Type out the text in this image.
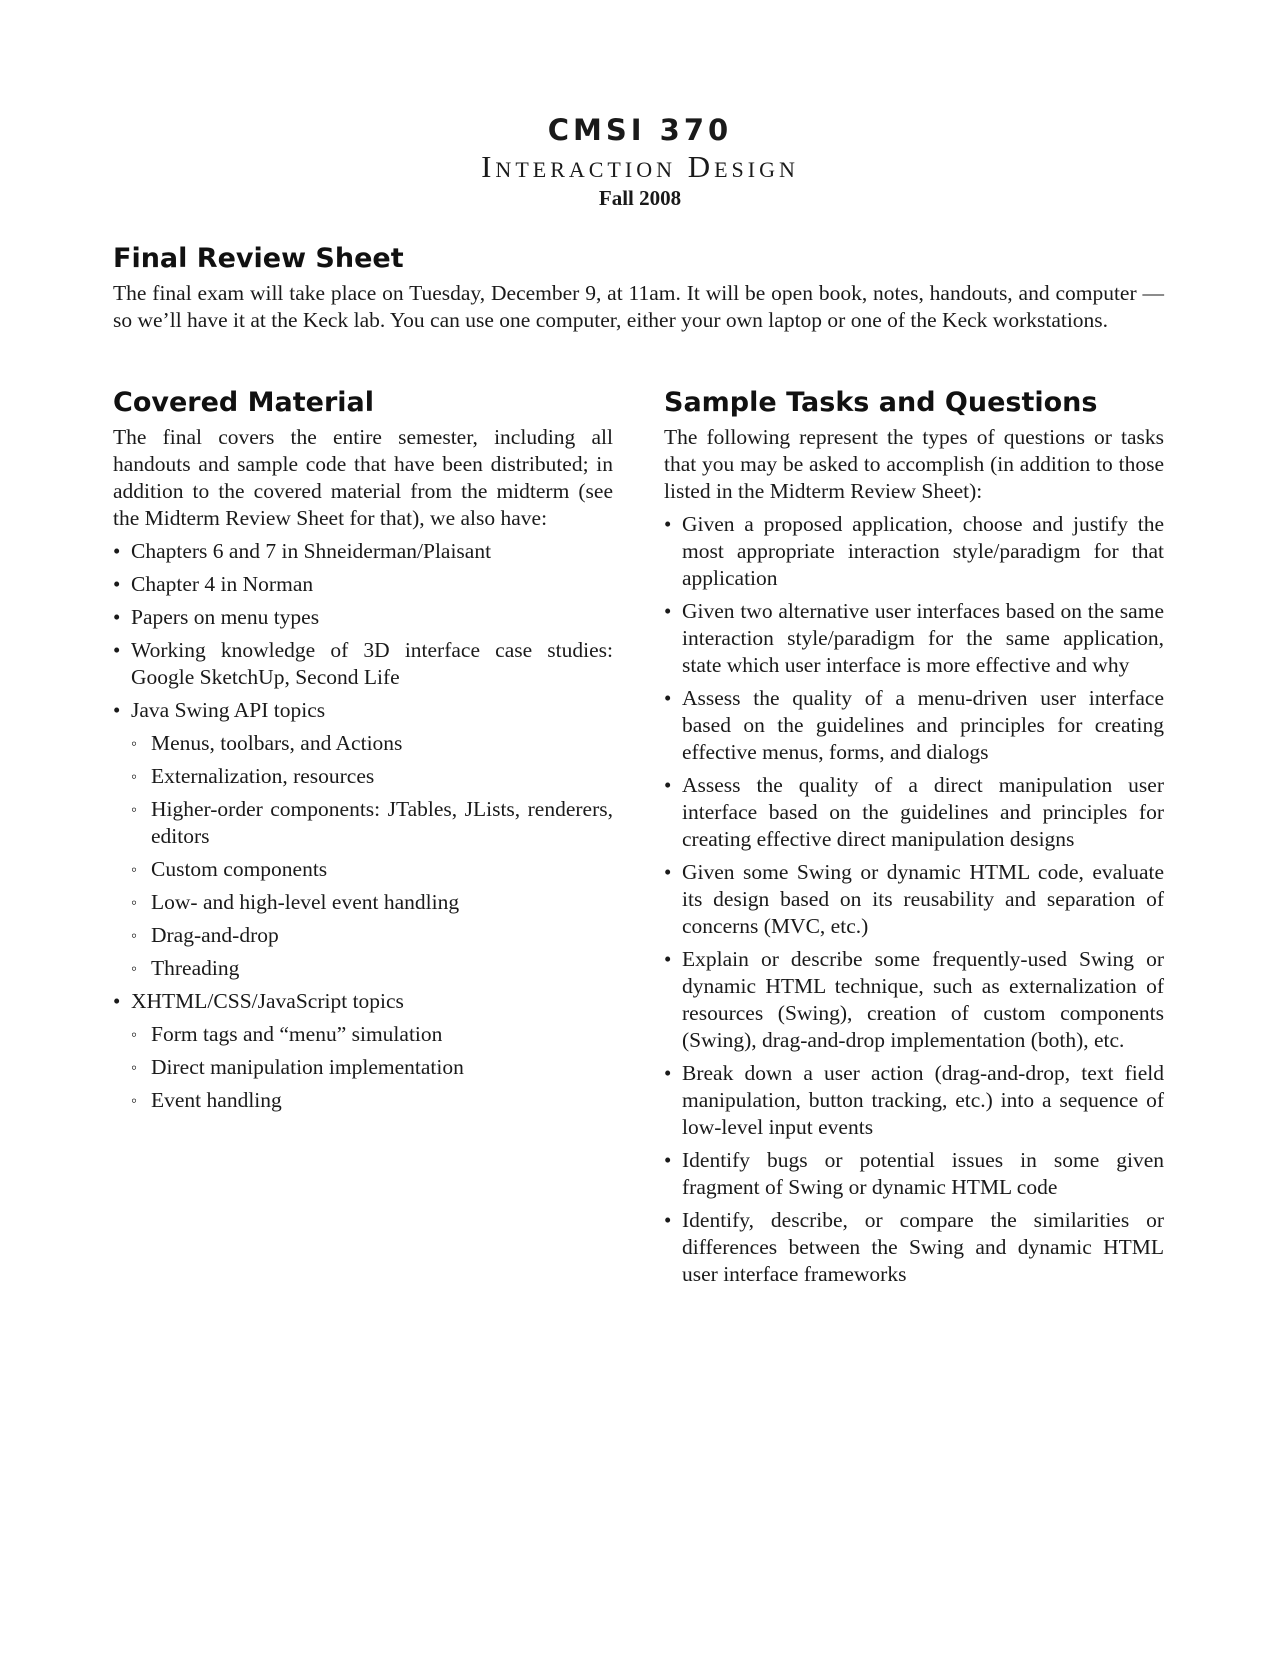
CMSI 370

Interaction Design

Fall 2008

Final Review Sheet

The final exam will take place on Tuesday, December 9, at 11am. It will be open book, notes, handouts, and computer — so we’ll have it at the Keck lab. You can use one computer, either your own laptop or one of the Keck workstations.

Covered Material

The final covers the entire semester, including all handouts and sample code that have been distributed; in addition to the covered material from the midterm (see the Midterm Review Sheet for that), we also have:

• Chapters 6 and 7 in Shneiderman/Plaisant
• Chapter 4 in Norman
• Papers on menu types
• Working knowledge of 3D interface case studies: Google SketchUp, Second Life
• Java Swing API topics
◦ Menus, toolbars, and Actions
◦ Externalization, resources
◦ Higher-order components: JTables, JLists, renderers, editors
◦ Custom components
◦ Low- and high-level event handling
◦ Drag-and-drop
◦ Threading
• XHTML/CSS/JavaScript topics
◦ Form tags and “menu” simulation
◦ Direct manipulation implementation
◦ Event handling
Sample Tasks and Questions

The following represent the types of questions or tasks that you may be asked to accomplish (in addition to those listed in the Midterm Review Sheet):

• Given a proposed application, choose and justify the most appropriate interaction style/paradigm for that application
• Given two alternative user interfaces based on the same interaction style/paradigm for the same application, state which user interface is more effective and why
• Assess the quality of a menu-driven user interface based on the guidelines and principles for creating effective menus, forms, and dialogs
• Assess the quality of a direct manipulation user interface based on the guidelines and principles for creating effective direct manipulation designs
• Given some Swing or dynamic HTML code, evaluate its design based on its reusability and separation of concerns (MVC, etc.)
• Explain or describe some frequently-used Swing or dynamic HTML technique, such as externalization of resources (Swing), creation of custom components (Swing), drag-and-drop implementation (both), etc.
• Break down a user action (drag-and-drop, text field manipulation, button tracking, etc.) into a sequence of low-level input events
• Identify bugs or potential issues in some given fragment of Swing or dynamic HTML code
• Identify, describe, or compare the similarities or differences between the Swing and dynamic HTML user interface frameworks
